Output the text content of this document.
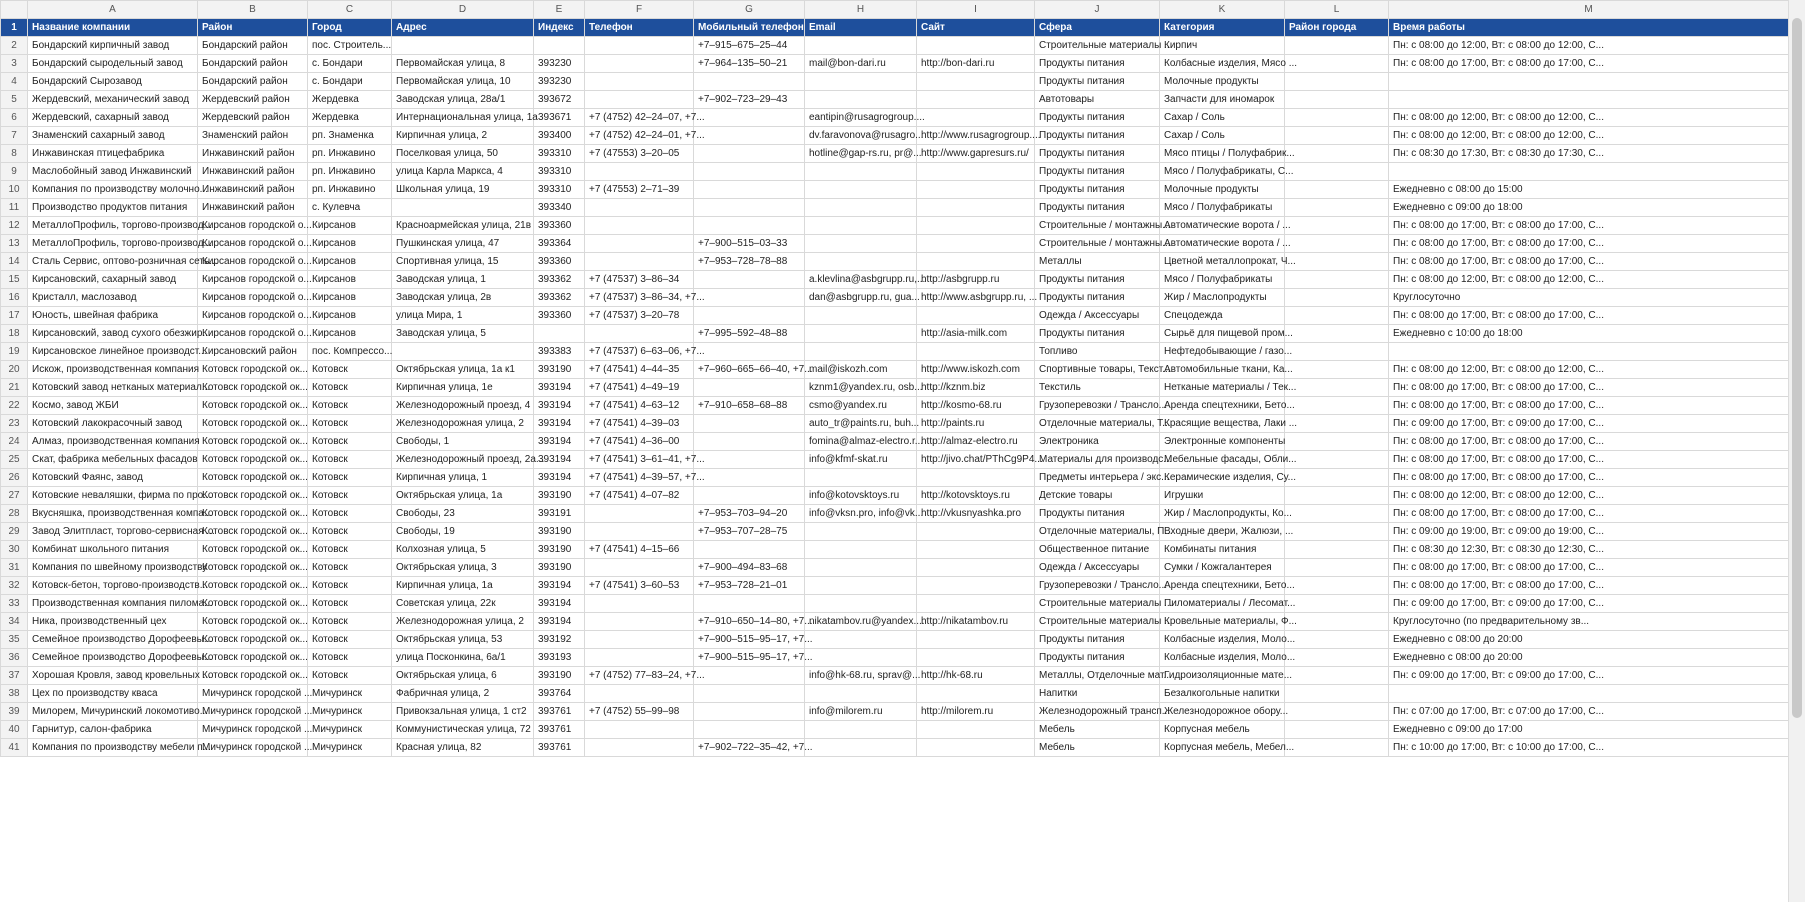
	A	B	C	D	E	F	G	H	I	J	K	L	M
1	Название компании	Район	Город	Адрес	Индекс	Телефон	Мобильный телефон	Email	Сайт	Сфера	Категория	Район города	Время работы
2	Бондарский кирпичный завод	Бондарский район	пос. Строитель...				+7–915–675–25–44			Строительные материалы ...	Кирпич		Пн: с 08:00 до 12:00, Вт: с 08:00 до 12:00, С...
3	Бондарский сыродельный завод	Бондарский район	с. Бондари	Первомайская улица, 8	393230		+7–964–135–50–21	mail@bon-dari.ru	http://bon-dari.ru	Продукты питания	Колбасные изделия, Мясо ...		Пн: с 08:00 до 17:00, Вт: с 08:00 до 17:00, С...
4	Бондарский Сырозавод	Бондарский район	с. Бондари	Первомайская улица, 10	393230					Продукты питания	Молочные продукты		
5	Жердевский, механический завод	Жердевский район	Жердевка	Заводская улица, 28а/1	393672		+7–902–723–29–43			Автотовары	Запчасти для иномарок		
6	Жердевский, сахарный завод	Жердевский район	Жердевка	Интернациональная улица, 1а	393671	+7 (4752) 42–24–07, +7...		eantipin@rusagrogroup....		Продукты питания	Сахар / Соль		Пн: с 08:00 до 12:00, Вт: с 08:00 до 12:00, С...
7	Знаменский сахарный завод	Знаменский район	рп. Знаменка	Кирпичная улица, 2	393400	+7 (4752) 42–24–01, +7...		dv.faravonova@rusagro...	http://www.rusagrogroup....	Продукты питания	Сахар / Соль		Пн: с 08:00 до 12:00, Вт: с 08:00 до 12:00, С...
8	Инжавинская птицефабрика	Инжавинский район	рп. Инжавино	Поселковая улица, 50	393310	+7 (47553) 3–20–05		hotline@gap-rs.ru, pr@...	http://www.gapresurs.ru/	Продукты питания	Мясо птицы / Полуфабрик...		Пн: с 08:30 до 17:30, Вт: с 08:30 до 17:30, С...
9	Маслобойный завод Инжавинский	Инжавинский район	рп. Инжавино	улица Карла Маркса, 4	393310					Продукты питания	Мясо / Полуфабрикаты, С...		
10	Компания по производству молочно...	Инжавинский район	рп. Инжавино	Школьная улица, 19	393310	+7 (47553) 2–71–39				Продукты питания	Молочные продукты		Ежедневно с 08:00 до 15:00
11	Производство продуктов питания	Инжавинский район	с. Кулевча		393340					Продукты питания	Мясо / Полуфабрикаты		Ежедневно с 09:00 до 18:00
12	МеталлоПрофиль, торгово-производ...	Кирсанов городской о...	Кирсанов	Красноармейская улица, 21в	393360					Строительные / монтажны...	Автоматические ворота / ...		Пн: с 08:00 до 17:00, Вт: с 08:00 до 17:00, С...
13	МеталлоПрофиль, торгово-производ...	Кирсанов городской о...	Кирсанов	Пушкинская улица, 47	393364		+7–900–515–03–33			Строительные / монтажны...	Автоматические ворота / ...		Пн: с 08:00 до 17:00, Вт: с 08:00 до 17:00, С...
14	Сталь Сервис, оптово-розничная сеть...	Кирсанов городской о...	Кирсанов	Спортивная улица, 15	393360		+7–953–728–78–88			Металлы	Цветной металлопрокат, Ч...		Пн: с 08:00 до 17:00, Вт: с 08:00 до 17:00, С...
15	Кирсановский, сахарный завод	Кирсанов городской о...	Кирсанов	Заводская улица, 1	393362	+7 (47537) 3–86–34		a.klevlina@asbgrupp.ru,...	http://asbgrupp.ru	Продукты питания	Мясо / Полуфабрикаты		Пн: с 08:00 до 12:00, Вт: с 08:00 до 12:00, С...
16	Кристалл, маслозавод	Кирсанов городской о...	Кирсанов	Заводская улица, 2в	393362	+7 (47537) 3–86–34, +7...		dan@asbgrupp.ru, gua...	http://www.asbgrupp.ru, ...	Продукты питания	Жир / Маслопродукты		Круглосуточно
17	Юность, швейная фабрика	Кирсанов городской о...	Кирсанов	улица Мира, 1	393360	+7 (47537) 3–20–78				Одежда / Аксессуары	Спецодежда		Пн: с 08:00 до 17:00, Вт: с 08:00 до 17:00, С...
18	Кирсановский, завод сухого обезжир...	Кирсанов городской о...	Кирсанов	Заводская улица, 5			+7–995–592–48–88		http://asia-milk.com	Продукты питания	Сырьё для пищевой пром...		Ежедневно с 10:00 до 18:00
19	Кирсановское линейное производст...	Кирсановский район	пос. Компрессо...		393383	+7 (47537) 6–63–06, +7...				Топливо	Нефтедобывающие / газо...		
20	Искож, производственная компания	Котовск городской ок...	Котовск	Октябрьская улица, 1а к1	393190	+7 (47541) 4–44–35	+7–960–665–66–40, +7...	mail@iskozh.com	http://www.iskozh.com	Спортивные товары, Текст...	Автомобильные ткани, Ка...		Пн: с 08:00 до 12:00, Вт: с 08:00 до 12:00, С...
21	Котовский завод нетканых материал...	Котовск городской ок...	Котовск	Кирпичная улица, 1е	393194	+7 (47541) 4–49–19		kznm1@yandex.ru, osb...	http://kznm.biz	Текстиль	Нетканые материалы / Тек...		Пн: с 08:00 до 17:00, Вт: с 08:00 до 17:00, С...
22	Космо, завод ЖБИ	Котовск городской ок...	Котовск	Железнодорожный проезд, 4	393194	+7 (47541) 4–63–12	+7–910–658–68–88	csmo@yandex.ru	http://kosmo-68.ru	Грузоперевозки / Трансло...	Аренда спецтехники, Бето...		Пн: с 08:00 до 17:00, Вт: с 08:00 до 17:00, С...
23	Котовский лакокрасочный завод	Котовск городской ок...	Котовск	Железнодорожная улица, 2	393194	+7 (47541) 4–39–03		auto_tr@paints.ru, buh...	http://paints.ru	Отделочные материалы, Т...	Красящие вещества, Лаки ...		Пн: с 09:00 до 17:00, Вт: с 09:00 до 17:00, С...
24	Алмаз, производственная компания	Котовск городской ок...	Котовск	Свободы, 1	393194	+7 (47541) 4–36–00		fomina@almaz-electro.r...	http://almaz-electro.ru	Электроника	Электронные компоненты		Пн: с 08:00 до 17:00, Вт: с 08:00 до 17:00, С...
25	Скат, фабрика мебельных фасадов	Котовск городской ок...	Котовск	Железнодорожный проезд, 2а...	393194	+7 (47541) 3–61–41, +7...		info@kfmf-skat.ru	http://jivo.chat/PThCg9P4...	Материалы для производс...	Мебельные фасады, Обли...		Пн: с 08:00 до 17:00, Вт: с 08:00 до 17:00, С...
26	Котовский Фаянс, завод	Котовск городской ок...	Котовск	Кирпичная улица, 1	393194	+7 (47541) 4–39–57, +7...				Предметы интерьера / экс...	Керамические изделия, Су...		Пн: с 08:00 до 17:00, Вт: с 08:00 до 17:00, С...
27	Котовские неваляшки, фирма по про...	Котовск городской ок...	Котовск	Октябрьская улица, 1а	393190	+7 (47541) 4–07–82		info@kotovsktoys.ru	http://kotovsktoys.ru	Детские товары	Игрушки		Пн: с 08:00 до 12:00, Вт: с 08:00 до 12:00, С...
28	Вкусняшка, производственная компа...	Котовск городской ок...	Котовск	Свободы, 23	393191		+7–953–703–94–20	info@vksn.pro, info@vk...	http://vkusnyashka.pro	Продукты питания	Жир / Маслопродукты, Ко...		Пн: с 08:00 до 17:00, Вт: с 08:00 до 17:00, С...
29	Завод Элитпласт, торгово-сервисная ...	Котовск городской ок...	Котовск	Свободы, 19	393190		+7–953–707–28–75			Отделочные материалы, П...	Входные двери, Жалюзи, ...		Пн: с 09:00 до 19:00, Вт: с 09:00 до 19:00, С...
30	Комбинат школьного питания	Котовск городской ок...	Котовск	Колхозная улица, 5	393190	+7 (47541) 4–15–66				Общественное питание	Комбинаты питания		Пн: с 08:30 до 12:30, Вт: с 08:30 до 12:30, С...
31	Компания по швейному производству	Котовск городской ок...	Котовск	Октябрьская улица, 3	393190		+7–900–494–83–68			Одежда / Аксессуары	Сумки / Кожгалантерея		Пн: с 08:00 до 17:00, Вт: с 08:00 до 17:00, С...
32	Котовск-бетон, торгово-производств...	Котовск городской ок...	Котовск	Кирпичная улица, 1а	393194	+7 (47541) 3–60–53	+7–953–728–21–01			Грузоперевозки / Трансло...	Аренда спецтехники, Бето...		Пн: с 08:00 до 17:00, Вт: с 08:00 до 17:00, С...
33	Производственная компания пилома...	Котовск городской ок...	Котовск	Советская улица, 22к	393194					Строительные материалы ...	Пиломатериалы / Лесомат...		Пн: с 09:00 до 17:00, Вт: с 09:00 до 17:00, С...
34	Ника, производственный цех	Котовск городской ок...	Котовск	Железнодорожная улица, 2	393194		+7–910–650–14–80, +7...	nikatambov.ru@yandex....	http://nikatambov.ru	Строительные материалы ...	Кровельные материалы, Ф...		Круглосуточно (по предварительному зв...
35	Семейное производство Дорофеевы...	Котовск городской ок...	Котовск	Октябрьская улица, 53	393192		+7–900–515–95–17, +7...			Продукты питания	Колбасные изделия, Моло...		Ежедневно с 08:00 до 20:00
36	Семейное производство Дорофеевы...	Котовск городской ок...	Котовск	улица Посконкина, 6а/1	393193		+7–900–515–95–17, +7...			Продукты питания	Колбасные изделия, Моло...		Ежедневно с 08:00 до 20:00
37	Хорошая Кровля, завод кровельных ...	Котовск городской ок...	Котовск	Октябрьская улица, 6	393190	+7 (4752) 77–83–24, +7...		info@hk-68.ru, sprav@...	http://hk-68.ru	Металлы, Отделочные мат...	Гидроизоляционные мате...		Пн: с 09:00 до 17:00, Вт: с 09:00 до 17:00, С...
38	Цех по производству кваса	Мичуринск городской ...	Мичуринск	Фабричная улица, 2	393764					Напитки	Безалкогольные напитки		
39	Милорем, Мичуринский локомотиво...	Мичуринск городской ...	Мичуринск	Привокзальная улица, 1 ст2	393761	+7 (4752) 55–99–98		info@milorem.ru	http://milorem.ru	Железнодорожный трансп...	Железнодорожное обору...		Пн: с 07:00 до 17:00, Вт: с 07:00 до 17:00, С...
40	Гарнитур, салон-фабрика	Мичуринск городской ...	Мичуринск	Коммунистическая улица, 72	393761					Мебель	Корпусная мебель		Ежедневно с 09:00 до 17:00
41	Компания по производству мебели п...	Мичуринск городской ...	Мичуринск	Красная улица, 82	393761		+7–902–722–35–42, +7...			Мебель	Корпусная мебель, Мебел...		Пн: с 10:00 до 17:00, Вт: с 10:00 до 17:00, С...
